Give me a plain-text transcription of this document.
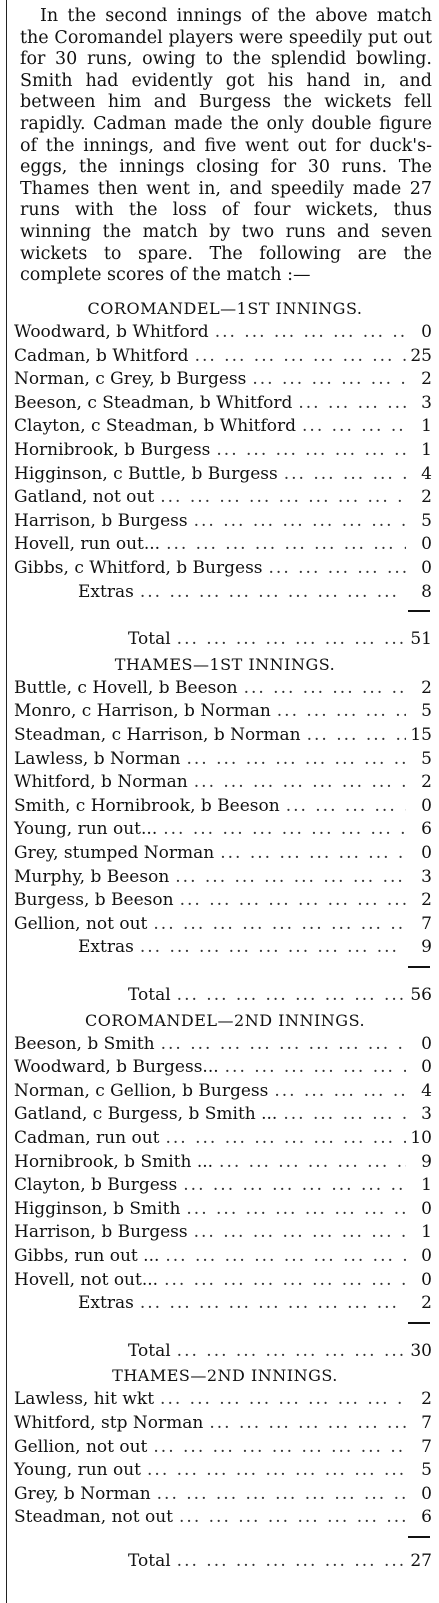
In the second innings of the above match the Coromandel players were speedily put out for 30 runs, owing to the splendid bowling. Smith had evidently got his hand in, and between him and Burgess the wickets fell rapidly. Cadman made the only double figure of the innings, and five went out for duck's-eggs, the innings closing for 30 runs. The Thames then went in, and speedily made 27 runs with the loss of four wickets, thus winning the match by two runs and seven wickets to spare. The following are the complete scores of the match :—

COROMANDEL—1ST INNINGS.
Woodward, b Whitford ... .	0
Cadman, b Whitford ... .	25
Norman, c Grey, b Burgess ... .	2
Beeson, c Steadman, b Whitford ... .	3
Clayton, c Steadman, b Whitford ... .	1
Hornibrook, b Burgess ... .	1
Higginson, c Buttle, b Burgess ... .	4
Gatland, not out ... .	2
Harrison, b Burgess ... .	5
Hovell, run out... ... .	0
Gibbs, c Whitford, b Burgess ... .	0
Extras ... .	8
Total ... .	51
THAMES—1ST INNINGS.
Buttle, c Hovell, b Beeson ... .	2
Monro, c Harrison, b Norman ... .	5
Steadman, c Harrison, b Norman ... .	15
Lawless, b Norman ... .	5
Whitford, b Norman ... .	2
Smith, c Hornibrook, b Beeson ... .	0
Young, run out... ... .	6
Grey, stumped Norman ... .	0
Murphy, b Beeson ... .	3
Burgess, b Beeson ... .	2
Gellion, not out ... .	7
Extras ... .	9
Total ... .	56
COROMANDEL—2ND INNINGS.
Beeson, b Smith ... .	0
Woodward, b Burgess... ... .	0
Norman, c Gellion, b Burgess ... .	4
Gatland, c Burgess, b Smith ... ... .	3
Cadman, run out ... .	10
Hornibrook, b Smith ... ... .	9
Clayton, b Burgess ... .	1
Higginson, b Smith ... .	0
Harrison, b Burgess ... .	1
Gibbs, run out ... ... .	0
Hovell, not out... ... .	0
Extras ... .	2
Total ... .	30
THAMES—2ND INNINGS.
Lawless, hit wkt ... .	2
Whitford, stp Norman ... .	7
Gellion, not out ... .	7
Young, run out ... .	5
Grey, b Norman ... .	0
Steadman, not out ... .	6
Total ... .	27
